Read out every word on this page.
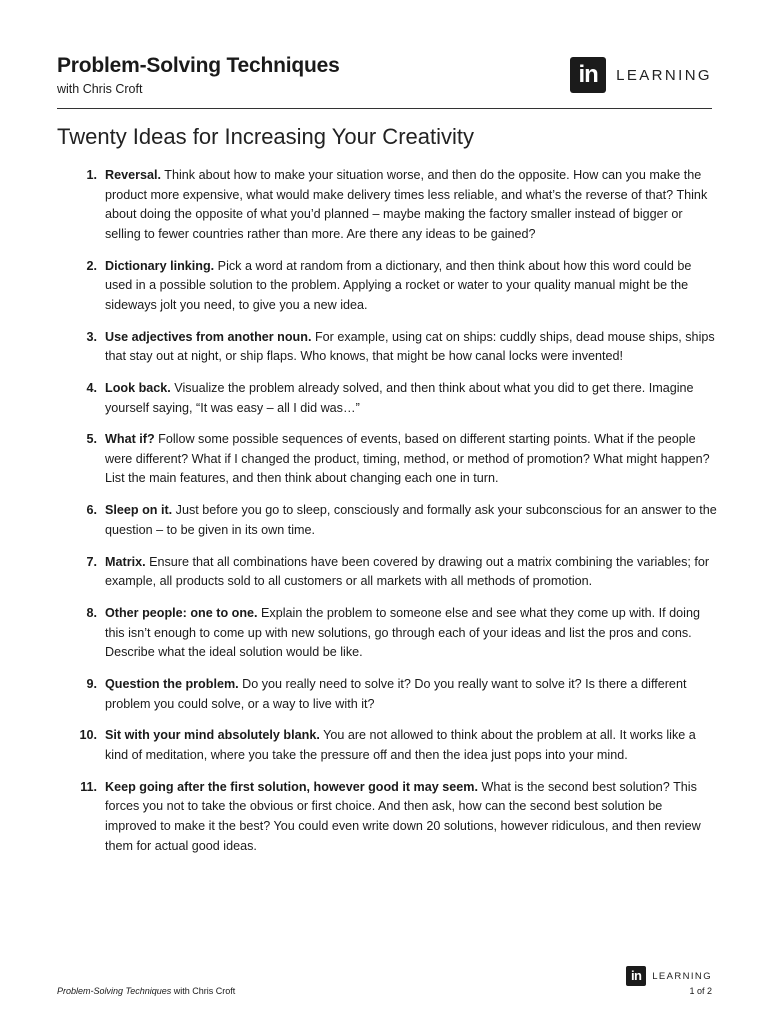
Problem-Solving Techniques
with Chris Croft
in	LEARNING
Twenty Ideas for Increasing Your Creativity
1. Reversal. Think about how to make your situation worse, and then do the opposite. How can you make the product more expensive, what would make delivery times less reliable, and what’s the reverse of that? Think about doing the opposite of what you’d planned – maybe making the factory smaller instead of bigger or selling to fewer countries rather than more. Are there any ideas to be gained?
2. Dictionary linking. Pick a word at random from a dictionary, and then think about how this word could be used in a possible solution to the problem. Applying a rocket or water to your quality manual might be the sideways jolt you need, to give you a new idea.
3. Use adjectives from another noun. For example, using cat on ships: cuddly ships, dead mouse ships, ships that stay out at night, or ship flaps. Who knows, that might be how canal locks were invented!
4. Look back. Visualize the problem already solved, and then think about what you did to get there. Imagine yourself saying, “It was easy – all I did was…”
5. What if? Follow some possible sequences of events, based on different starting points. What if the people were different? What if I changed the product, timing, method, or method of promotion? What might happen? List the main features, and then think about changing each one in turn.
6. Sleep on it. Just before you go to sleep, consciously and formally ask your subconscious for an answer to the question – to be given in its own time.
7. Matrix. Ensure that all combinations have been covered by drawing out a matrix combining the variables; for example, all products sold to all customers or all markets with all methods of promotion.
8. Other people: one to one. Explain the problem to someone else and see what they come up with. If doing this isn’t enough to come up with new solutions, go through each of your ideas and list the pros and cons. Describe what the ideal solution would be like.
9. Question the problem. Do you really need to solve it? Do you really want to solve it? Is there a different problem you could solve, or a way to live with it?
10. Sit with your mind absolutely blank. You are not allowed to think about the problem at all. It works like a kind of meditation, where you take the pressure off and then the idea just pops into your mind.
11. Keep going after the first solution, however good it may seem. What is the second best solution? This forces you not to take the obvious or first choice. And then ask, how can the second best solution be improved to make it the best? You could even write down 20 solutions, however ridiculous, and then review them for actual good ideas.
Problem-Solving Techniques with Chris Croft
in	LEARNING
1 of 2
